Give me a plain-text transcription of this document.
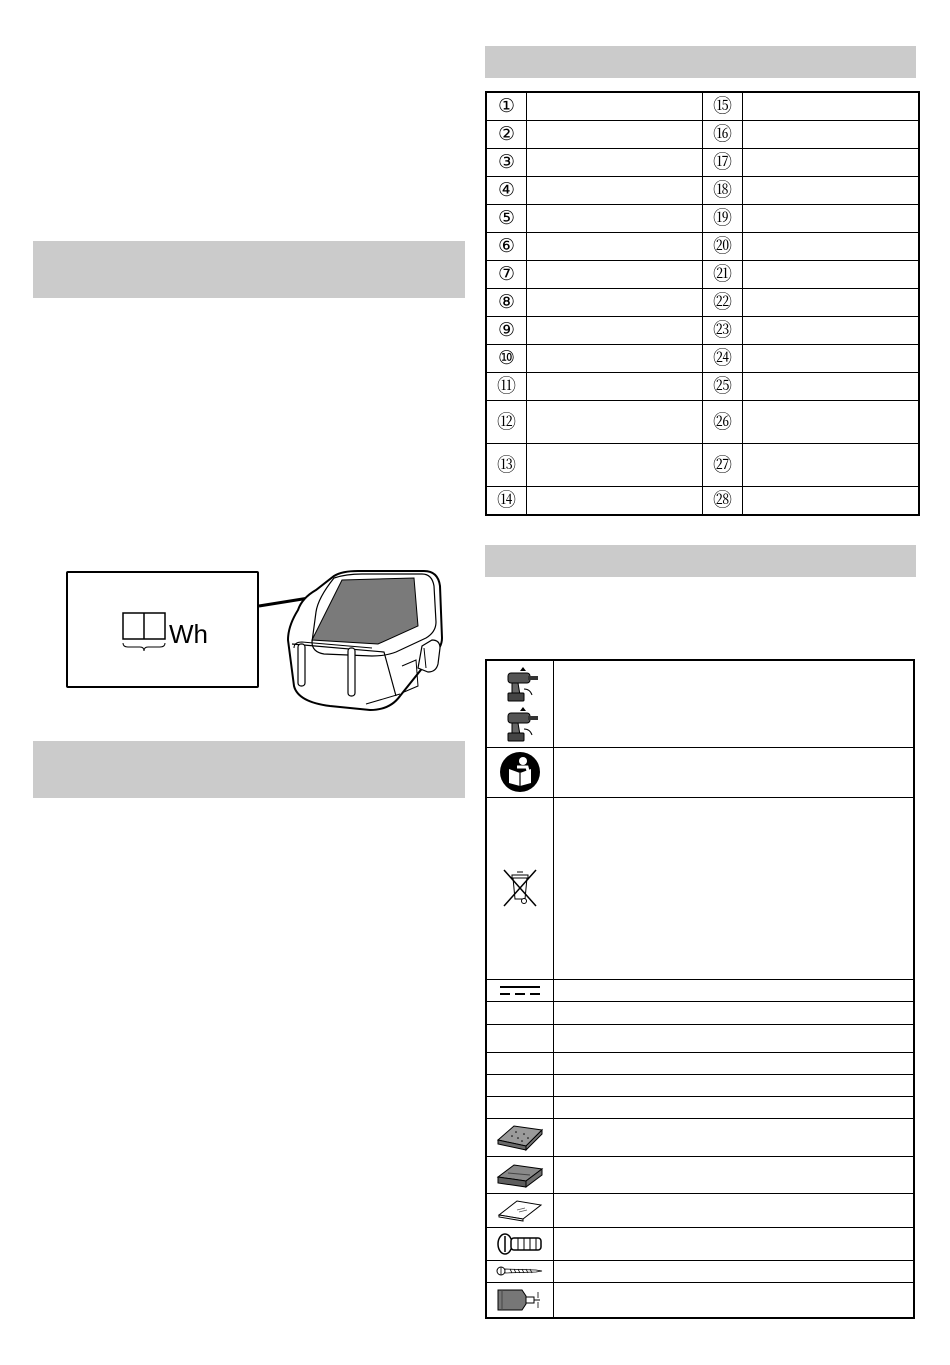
Wh
①		⑮	
②		⑯	
③		⑰	
④		⑱	
⑤		⑲	
⑥		⑳	
⑦		㉑	
⑧		㉒	
⑨		㉓	
⑩		㉔	
⑪		㉕	
⑫		㉖	
⑬		㉗	
⑭		㉘	
